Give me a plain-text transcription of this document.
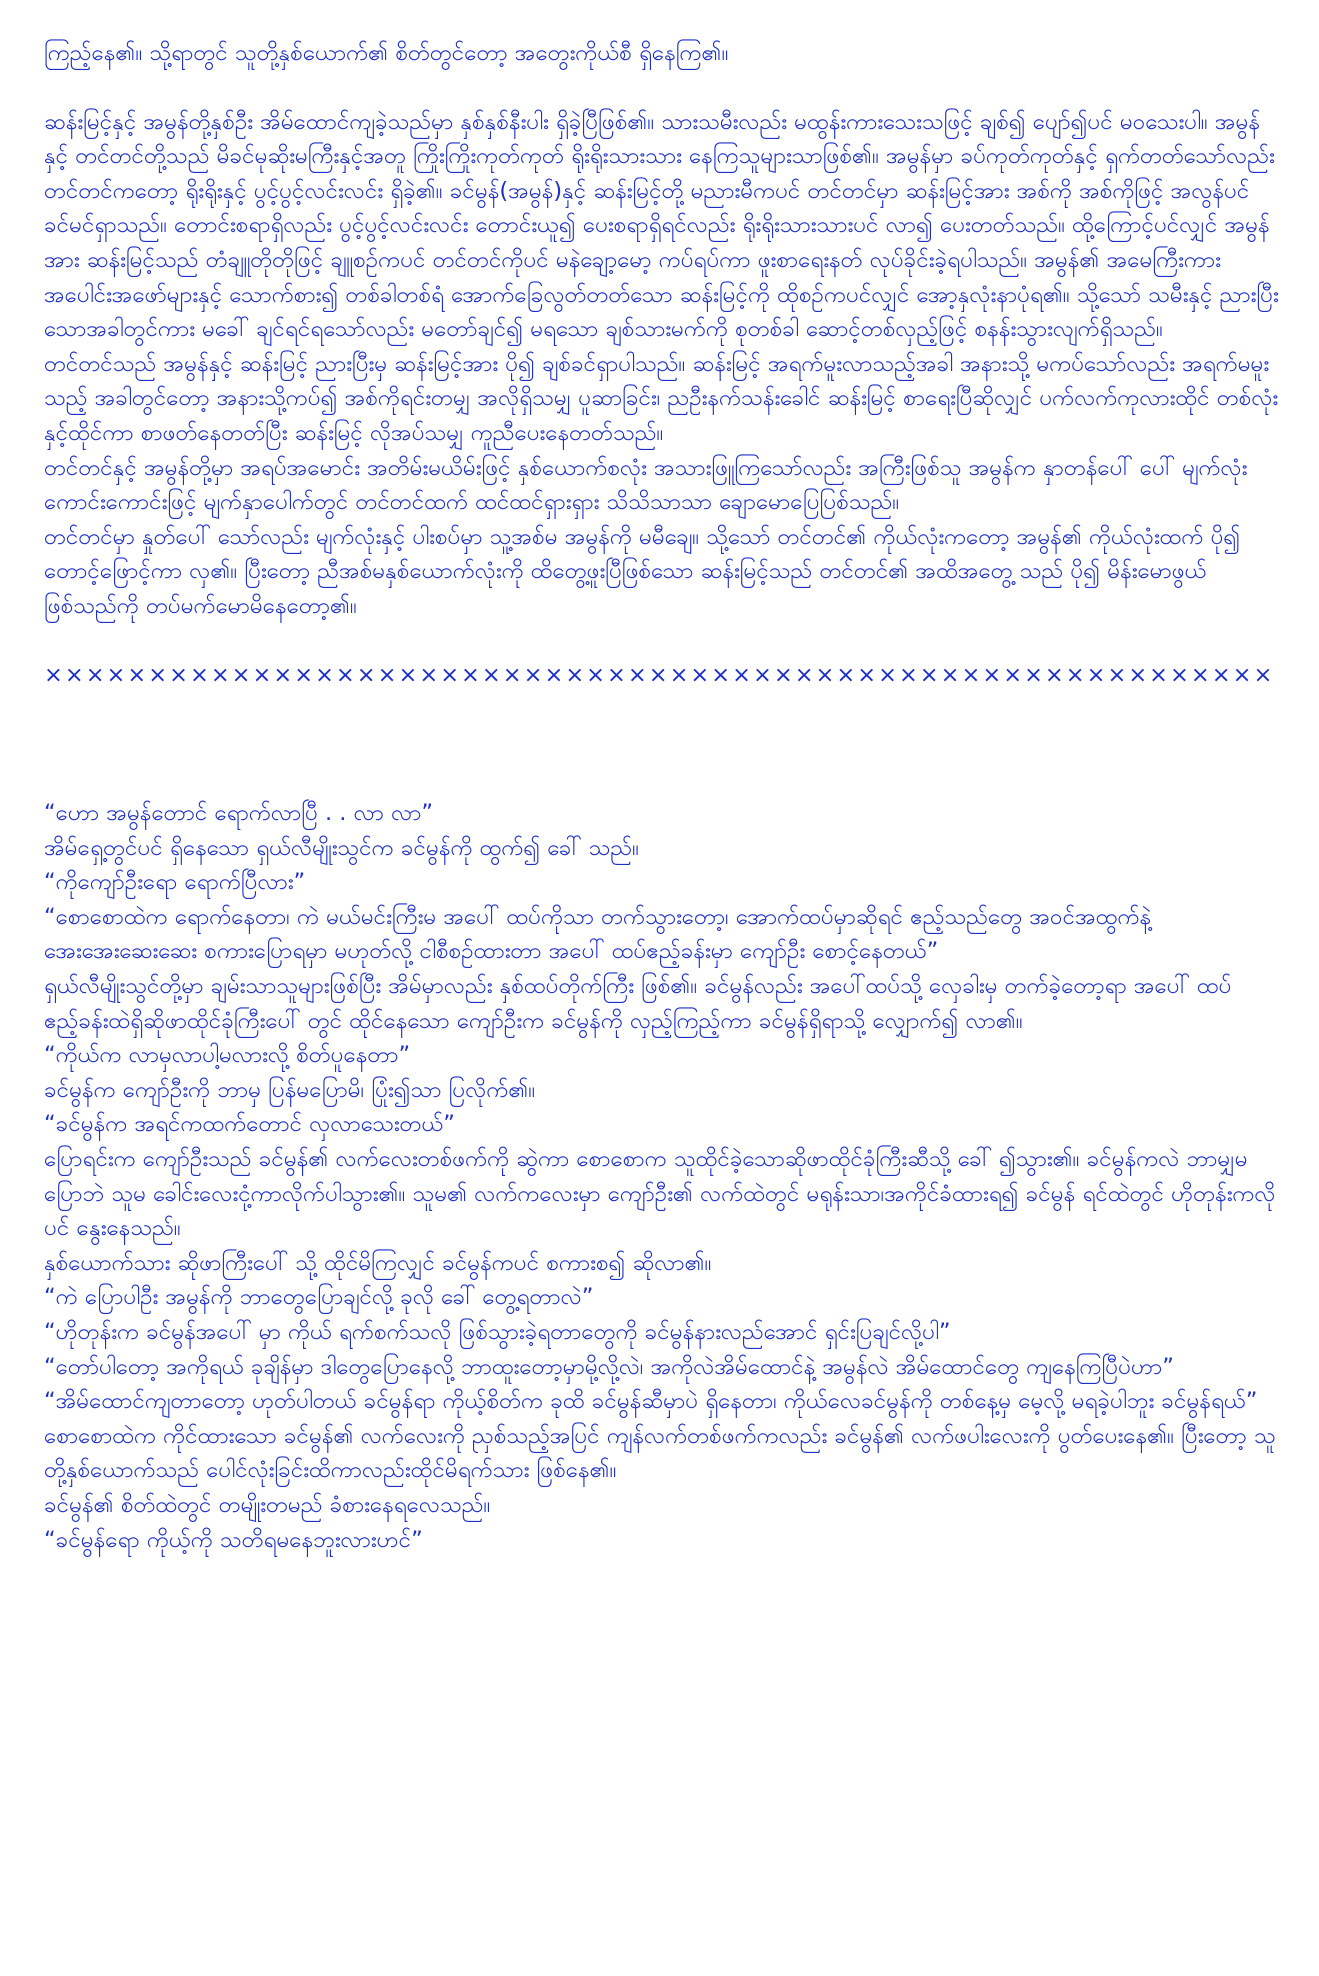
ကြည့်နေ၏။ သို့ရာတွင် သူတို့နှစ်ယောက်၏ စိတ်တွင်တော့ အတွေးကိုယ်စီ ရှိနေကြ၏။

ဆန်းမြင့်နှင့် အမွန်တို့နှစ်ဦး အိမ်ထောင်ကျခဲ့သည်မှာ နှစ်နှစ်နီးပါး ရှိခဲ့ပြီဖြစ်၏။ သားသမီးလည်း မထွန်းကားသေးသဖြင့် ချစ်၍ ပျော်၍ပင် မဝသေးပါ။ အမွန်နှင့် တင်တင်တို့သည် မိခင်မုဆိုးမကြီးနှင့်အတူ ကြိုးကြိုးကုတ်ကုတ် ရိုးရိုးသားသား နေကြသူများသာဖြစ်၏။ အမွန်မှာ ခပ်ကုတ်ကုတ်နှင့် ရှက်တတ်သော်လည်း တင်တင်ကတော့ ရိုးရိုးနှင့် ပွင့်ပွင့်လင်းလင်း ရှိခဲ့၏။ ခင်မွန်(အမွန်)နှင့် ဆန်းမြင့်တို့ မညားမီကပင် တင်တင်မှာ ဆန်းမြင့်အား အစ်ကို အစ်ကိုဖြင့် အလွန်ပင် ခင်မင်ရှာသည်။ တောင်းစရာရှိလည်း ပွင့်ပွင့်လင်းလင်း တောင်းယူ၍ ပေးစရာရှိရင်လည်း ရိုးရိုးသားသားပင် လာ၍ ပေးတတ်သည်။ ထို့ကြောင့်ပင်လျှင် အမွန်အား ဆန်းမြင့်သည် တံချူတိုတိုဖြင့် ချူစဉ်ကပင် တင်တင်ကိုပင် မနဲချော့မော့ ကပ်ရပ်ကာ ဖူးစာရေးနတ် လုပ်ခိုင်းခဲ့ရပါသည်။ အမွန်၏ အမေကြီးကား အပေါင်းအဖော်များနှင့် သောက်စား၍ တစ်ခါတစ်ရံ အောက်ခြေလွတ်တတ်သော ဆန်းမြင့်ကို ထိုစဉ်ကပင်လျှင် အော့နှလုံးနာပုံရ၏။ သို့သော် သမီးနှင့် ညားပြီးသောအခါတွင်ကား မခေါ် ချင်ရင်ရသော်လည်း မတော်ချင်၍ မရသော ချစ်သားမက်ကို စုတစ်ခါ ဆောင့်တစ်လှည့်ဖြင့် စနန်းသွားလျက်ရှိသည်။

တင်တင်သည် အမွန်နှင့် ဆန်းမြင့် ညားပြီးမှ ဆန်းမြင့်အား ပို၍ ချစ်ခင်ရှာပါသည်။ ဆန်းမြင့် အရက်မူးလာသည့်အခါ အနားသို့ မကပ်သော်လည်း အရက်မမူးသည့် အခါတွင်တော့ အနားသို့ကပ်၍ အစ်ကိုရင်းတမျှ အလိုရှိသမျှ ပူဆာခြင်း၊ ညဦးနက်သန်းခေါင် ဆန်းမြင့် စာရေးပြီဆိုလျှင် ပက်လက်ကုလားထိုင် တစ်လုံးနှင့်ထိုင်ကာ စာဖတ်နေတတ်ပြီး ဆန်းမြင့် လိုအပ်သမျှ ကူညီပေးနေတတ်သည်။

တင်တင်နှင့် အမွန်တို့မှာ အရပ်အမောင်း အတိမ်းမယိမ်းဖြင့် နှစ်ယောက်စလုံး အသားဖြူကြသော်လည်း အကြီးဖြစ်သူ အမွန်က နှာတန်ပေါ် ပေါ် မျက်လုံးကောင်းကောင်းဖြင့် မျက်နှာပေါက်တွင် တင်တင်ထက် ထင်ထင်ရှားရှား သိသိသာသာ ချောမောပြေပြစ်သည်။

တင်တင်မှာ နှုတ်ပေါ် သော်လည်း မျက်လုံးနှင့် ပါးစပ်မှာ သူ့အစ်မ အမွန်ကို မမီချေ။ သို့သော် တင်တင်၏ ကိုယ်လုံးကတော့ အမွန်၏ ကိုယ်လုံးထက် ပို၍ တောင့်ဖြောင့်ကာ လှ၏။ ပြီးတော့ ညီအစ်မနှစ်ယောက်လုံးကို ထိတွေ့ဖူးပြီဖြစ်သော ဆန်းမြင့်သည် တင်တင်၏ အထိအတွေ့ သည် ပို၍ မိန်းမောဖွယ်ဖြစ်သည်ကို တပ်မက်မောမိနေတော့၏။

×××××××××××××××××××××××××××××××××××××××××××××××××××××××××××

“ဟော အမွန်တောင် ရောက်လာပြီ . . လာ လာ”

အိမ်ရှေ့တွင်ပင် ရှိနေသော ရှယ်လီမျိုးသွင်က ခင်မွန်ကို ထွက်၍ ခေါ် သည်။

“ကိုကျော်ဦးရော ရောက်ပြီလား”

“စောစောထဲက ရောက်နေတာ၊ ကဲ မယ်မင်းကြီးမ အပေါ် ထပ်ကိုသာ တက်သွားတော့၊ အောက်ထပ်မှာဆိုရင် ဧည့်သည်တွေ အဝင်အထွက်နဲ့ အေးအေးဆေးဆေး စကားပြောရမှာ မဟုတ်လို့ ငါစီစဉ်ထားတာ အပေါ် ထပ်ဧည့်ခန်းမှာ ကျော်ဦး စောင့်နေတယ်”

ရှယ်လီမျိုးသွင်တို့မှာ ချမ်းသာသူများဖြစ်ပြီး အိမ်မှာလည်း နှစ်ထပ်တိုက်ကြီး ဖြစ်၏။ ခင်မွန်လည်း အပေါ်ထပ်သို့ လှေခါးမှ တက်ခဲ့တော့ရာ အပေါ် ထပ်ဧည့်ခန်းထဲရှိဆိုဖာထိုင်ခုံကြီးပေါ် တွင် ထိုင်နေသော ကျော်ဦးက ခင်မွန်ကို လှည့်ကြည့်ကာ ခင်မွန်ရှိရာသို့ လျှောက်၍ လာ၏။

“ကိုယ်က လာမှလာပါ့မလားလို့ စိတ်ပူနေတာ”

ခင်မွန်က ကျော်ဦးကို ဘာမှ ပြန်မပြောမိ၊ ပြုံး၍သာ ပြလိုက်၏။

“ခင်မွန်က အရင်ကထက်တောင် လှလာသေးတယ်”

ပြောရင်းက ကျော်ဦးသည် ခင်မွန်၏ လက်လေးတစ်ဖက်ကို ဆွဲကာ စောစောက သူထိုင်ခဲ့သောဆိုဖာထိုင်ခုံကြီးဆီသို့ ခေါ် ၍သွား၏။ ခင်မွန်ကလဲ ဘာမျှမပြောဘဲ သူမ ခေါင်းလေးငုံ့ကာလိုက်ပါသွား၏။ သူမ၏ လက်ကလေးမှာ ကျော်ဦး၏ လက်ထဲတွင် မရုန်းသာ၊အကိုင်ခံထားရ၍ ခင်မွန် ရင်ထဲတွင် ဟိုတုန်းကလိုပင် နွေးနေသည်။

နှစ်ယောက်သား ဆိုဖာကြီးပေါ် သို့ ထိုင်မိကြလျှင် ခင်မွန်ကပင် စကားစ၍ ဆိုလာ၏။

“ကဲ ပြောပါဦး အမွန်ကို ဘာတွေပြောချင်လို့ ခုလို ခေါ် တွေ့ရတာလဲ”

“ဟိုတုန်းက ခင်မွန်အပေါ် မှာ ကိုယ် ရက်စက်သလို ဖြစ်သွားခဲ့ရတာတွေကို ခင်မွန်နားလည်အောင် ရှင်းပြချင်လို့ပါ”

“တော်ပါတော့ အကိုရယ် ခုချိန်မှာ ဒါတွေပြောနေလို့ ဘာထူးတော့မှာမို့လို့လဲ၊ အကိုလဲအိမ်ထောင်နဲ့ အမွန်လဲ အိမ်ထောင်တွေ ကျနေကြပြီပဲဟာ”

“အိမ်ထောင်ကျတာတော့ ဟုတ်ပါတယ် ခင်မွန်ရာ ကိုယ့်စိတ်က ခုထိ ခင်မွန်ဆီမှာပဲ ရှိနေတာ၊ ကိုယ်လေခင်မွန်ကို တစ်နေ့မှ မေ့လို့ မရခဲ့ပါဘူး ခင်မွန်ရယ်”

စောစောထဲက ကိုင်ထားသော ခင်မွန်၏ လက်လေးကို ညှစ်သည့်အပြင် ကျန်လက်တစ်ဖက်ကလည်း ခင်မွန်၏ လက်ဖပါးလေးကို ပွတ်ပေးနေ၏။ ပြီးတော့ သူတို့နှစ်ယောက်သည် ပေါင်လုံးခြင်းထိကာလည်းထိုင်မိရက်သား ဖြစ်နေ၏။

ခင်မွန်၏ စိတ်ထဲတွင် တမျိုးတမည် ခံစားနေရလေသည်။

“ခင်မွန်ရော ကိုယ့်ကို သတိရမနေဘူးလားဟင်”
